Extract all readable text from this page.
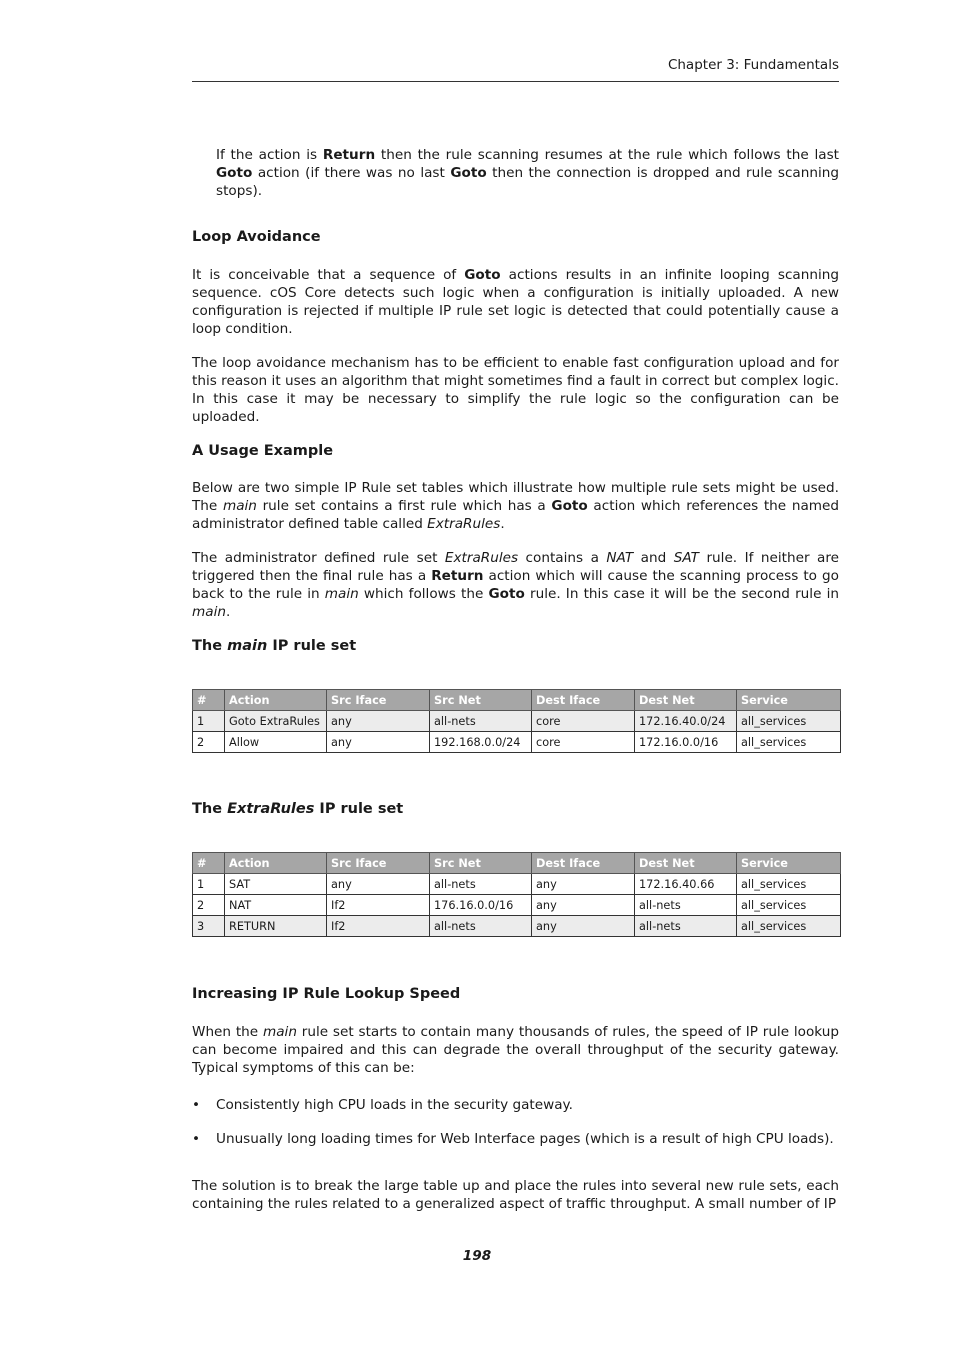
Chapter 3: Fundamentals

If the action is Return then the rule scanning resumes at the rule which follows the last Goto action (if there was no last Goto then the connection is dropped and rule scanning stops).

Loop Avoidance

It is conceivable that a sequence of Goto actions results in an infinite looping scanning sequence. cOS Core detects such logic when a configuration is initially uploaded. A new configuration is rejected if multiple IP rule set logic is detected that could potentially cause a loop condition.

The loop avoidance mechanism has to be efficient to enable fast configuration upload and for this reason it uses an algorithm that might sometimes find a fault in correct but complex logic. In this case it may be necessary to simplify the rule logic so the configuration can be uploaded.

A Usage Example

Below are two simple IP Rule set tables which illustrate how multiple rule sets might be used. The main rule set contains a first rule which has a Goto action which references the named administrator defined table called ExtraRules.

The administrator defined rule set ExtraRules contains a NAT and SAT rule. If neither are triggered then the final rule has a Return action which will cause the scanning process to go back to the rule in main which follows the Goto rule. In this case it will be the second rule in main.

The main IP rule set
#	Action	Src Iface	Src Net	Dest Iface	Dest Net	Service
1	Goto ExtraRules	any	all-nets	core	172.16.40.0/24	all_services
2	Allow	any	192.168.0.0/24	core	172.16.0.0/16	all_services
The ExtraRules IP rule set
#	Action	Src Iface	Src Net	Dest Iface	Dest Net	Service
1	SAT	any	all-nets	any	172.16.40.66	all_services
2	NAT	If2	176.16.0.0/16	any	all-nets	all_services
3	RETURN	If2	all-nets	any	all-nets	all_services
Increasing IP Rule Lookup Speed

When the main rule set starts to contain many thousands of rules, the speed of IP rule lookup can become impaired and this can degrade the overall throughput of the security gateway. Typical symptoms of this can be:

• Consistently high CPU loads in the security gateway.
• Unusually long loading times for Web Interface pages (which is a result of high CPU loads).

The solution is to break the large table up and place the rules into several new rule sets, each containing the rules related to a generalized aspect of traffic throughput. A small number of IP

198
